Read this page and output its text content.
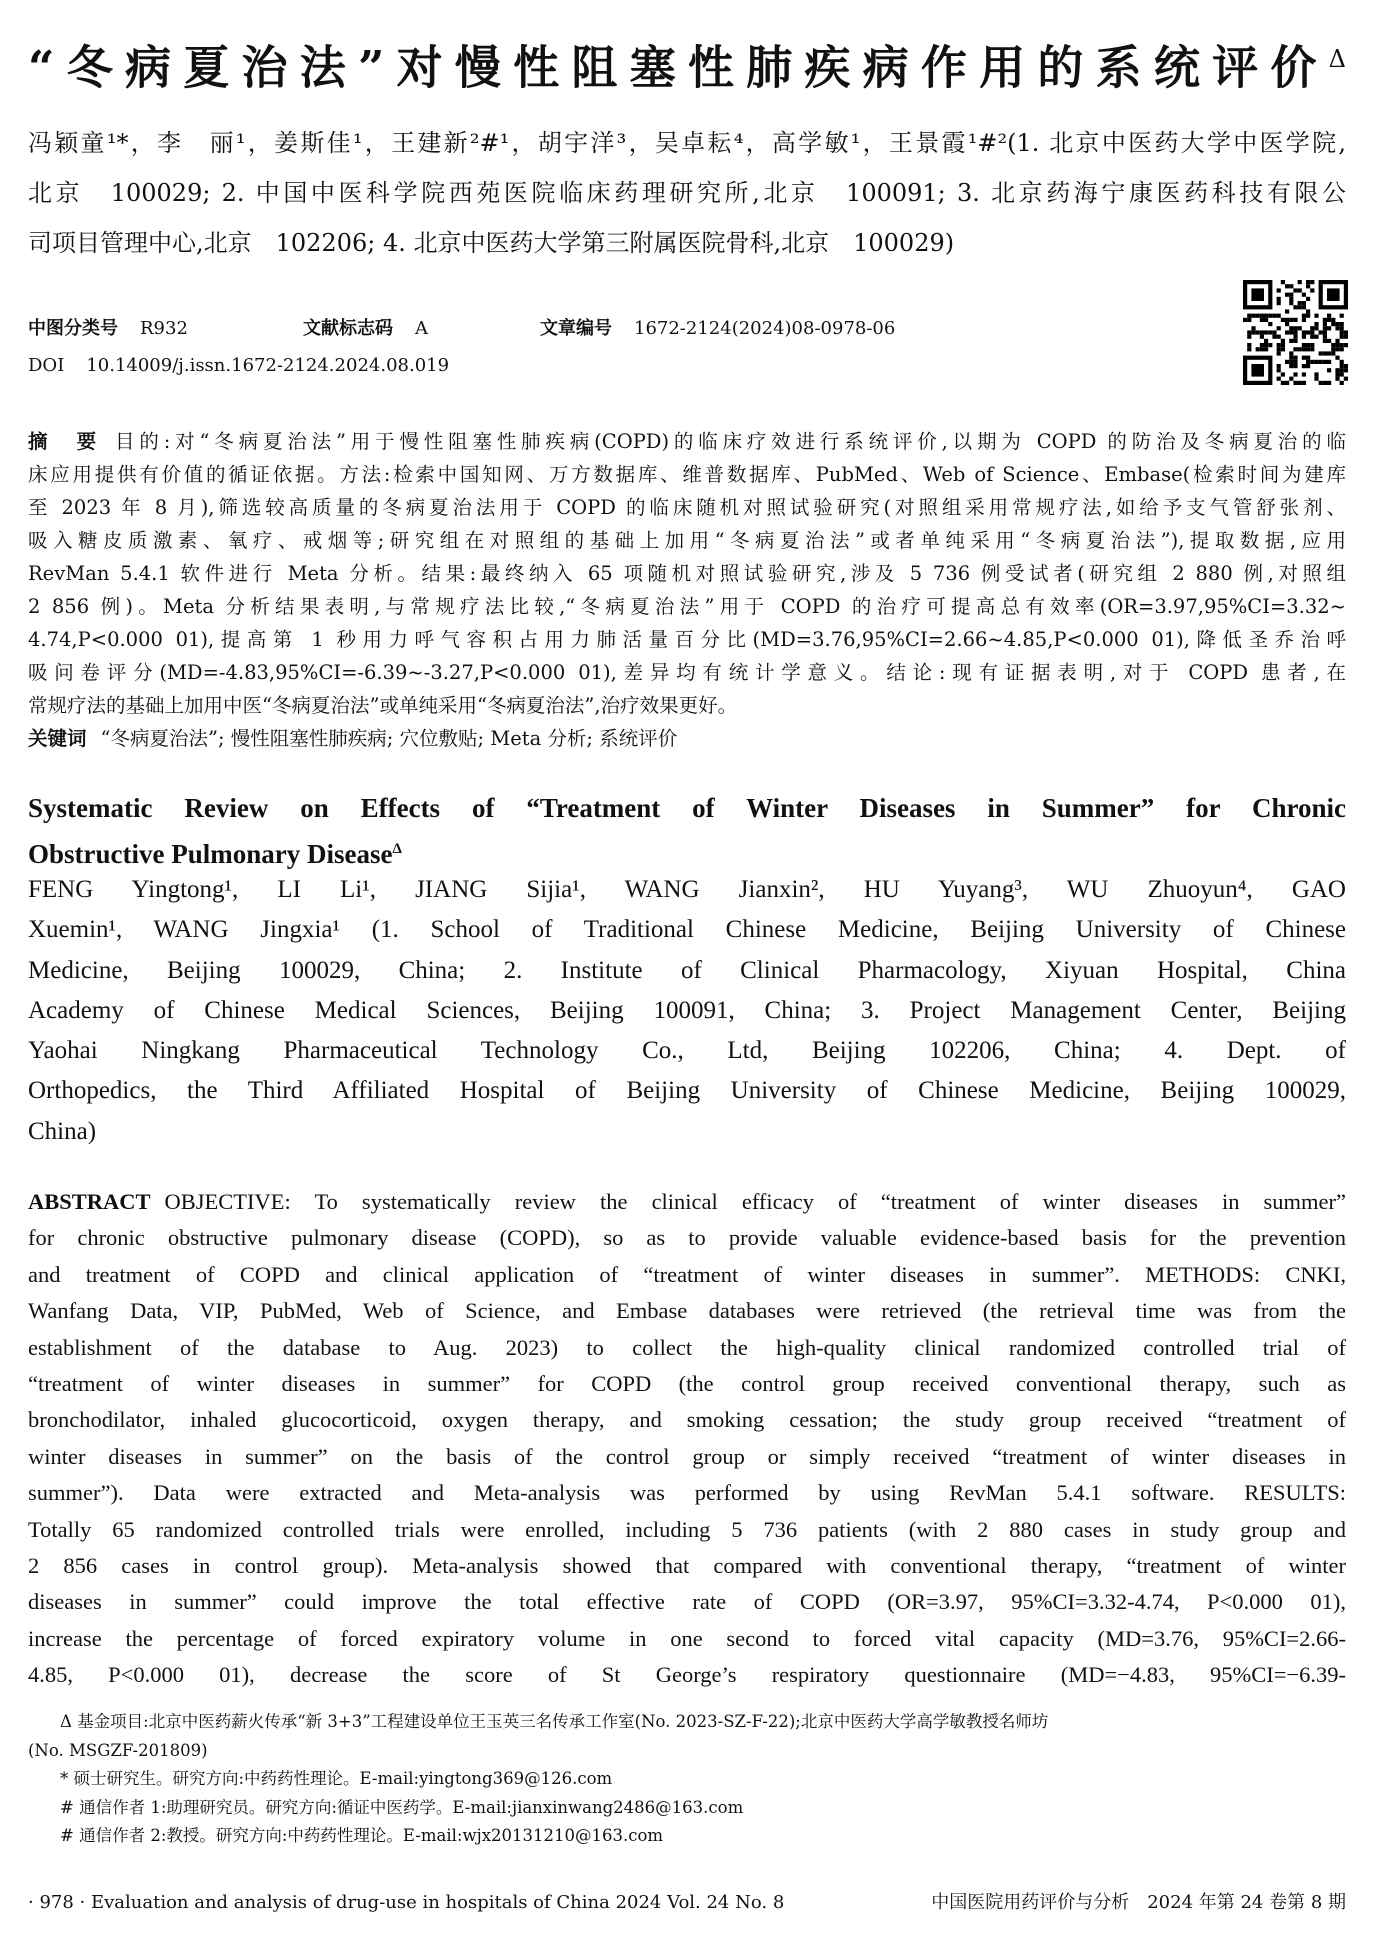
“冬病夏治法”对慢性阻塞性肺疾病作用的系统评价$^\Delta$
冯颖童¹*，李　丽¹，姜斯佳¹，王建新²#¹，胡宇洋³，吴卓耘⁴，高学敏¹，王景霞¹#²(1. 北京中医药大学中医学院,
北京　100029; 2. 中国中医科学院西苑医院临床药理研究所,北京　100091; 3. 北京药海宁康医药科技有限公
司项目管理中心,北京　102206; 4. 北京中医药大学第三附属医院骨科,北京　100029)
中图分类号 R932	文献标志码 A	文章编号 1672-2124(2024)08-0978-06
DOI 10.14009/j.issn.1672-2124.2024.08.019
摘　要 目的:对“冬病夏治法”用于慢性阻塞性肺疾病(COPD)的临床疗效进行系统评价,以期为 COPD 的防治及冬病夏治的临
床应用提供有价值的循证依据。方法:检索中国知网、万方数据库、维普数据库、PubMed、Web of Science、Embase(检索时间为建库
至 2023 年 8 月),筛选较高质量的冬病夏治法用于 COPD 的临床随机对照试验研究(对照组采用常规疗法,如给予支气管舒张剂、
吸入糖皮质激素、氧疗、戒烟等;研究组在对照组的基础上加用“冬病夏治法”或者单纯采用“冬病夏治法”),提取数据,应用
RevMan 5.4.1 软件进行 Meta 分析。结果:最终纳入 65 项随机对照试验研究,涉及 5 736 例受试者(研究组 2 880 例,对照组
2 856 例)。Meta 分析结果表明,与常规疗法比较,“冬病夏治法”用于 COPD 的治疗可提高总有效率(OR=3.97,95%CI=3.32~
4.74,P<0.000 01),提高第 1 秒用力呼气容积占用力肺活量百分比(MD=3.76,95%CI=2.66~4.85,P<0.000 01),降低圣乔治呼
吸问卷评分(MD=-4.83,95%CI=-6.39~-3.27,P<0.000 01),差异均有统计学意义。结论:现有证据表明,对于 COPD 患者,在
常规疗法的基础上加用中医“冬病夏治法”或单纯采用“冬病夏治法”,治疗效果更好。
关键词 “冬病夏治法”; 慢性阻塞性肺疾病; 穴位敷贴; Meta 分析; 系统评价
Systematic Review on Effects of “Treatment of Winter Diseases in Summer” for Chronic
Obstructive Pulmonary Disease$^\Delta$
FENG Yingtong¹, LI Li¹, JIANG Sijia¹, WANG Jianxin², HU Yuyang³, WU Zhuoyun⁴, GAO
Xuemin¹, WANG Jingxia¹ (1. School of Traditional Chinese Medicine, Beijing University of Chinese
Medicine, Beijing 100029, China; 2. Institute of Clinical Pharmacology, Xiyuan Hospital, China
Academy of Chinese Medical Sciences, Beijing 100091, China; 3. Project Management Center, Beijing
Yaohai Ningkang Pharmaceutical Technology Co., Ltd, Beijing 102206, China; 4. Dept. of
Orthopedics, the Third Affiliated Hospital of Beijing University of Chinese Medicine, Beijing 100029,
China)
ABSTRACT OBJECTIVE: To systematically review the clinical efficacy of “treatment of winter diseases in summer”
for chronic obstructive pulmonary disease (COPD), so as to provide valuable evidence-based basis for the prevention
and treatment of COPD and clinical application of “treatment of winter diseases in summer”. METHODS: CNKI,
Wanfang Data, VIP, PubMed, Web of Science, and Embase databases were retrieved (the retrieval time was from the
establishment of the database to Aug. 2023) to collect the high-quality clinical randomized controlled trial of
“treatment of winter diseases in summer” for COPD (the control group received conventional therapy, such as
bronchodilator, inhaled glucocorticoid, oxygen therapy, and smoking cessation; the study group received “treatment of
winter diseases in summer” on the basis of the control group or simply received “treatment of winter diseases in
summer”). Data were extracted and Meta-analysis was performed by using RevMan 5.4.1 software. RESULTS:
Totally 65 randomized controlled trials were enrolled, including 5 736 patients (with 2 880 cases in study group and
2 856 cases in control group). Meta-analysis showed that compared with conventional therapy, “treatment of winter
diseases in summer” could improve the total effective rate of COPD (OR=3.97, 95%CI=3.32-4.74, P<0.000 01),
increase the percentage of forced expiratory volume in one second to forced vital capacity (MD=3.76, 95%CI=2.66-
4.85, P<0.000 01), decrease the score of St George’s respiratory questionnaire (MD=−4.83, 95%CI=−6.39-
Δ 基金项目:北京中医药薪火传承“新 3+3”工程建设单位王玉英三名传承工作室(No. 2023-SZ-F-22);北京中医药大学高学敏教授名师坊
(No. MSGZF-201809)
* 硕士研究生。研究方向:中药药性理论。E-mail:yingtong369@126.com
# 通信作者 1:助理研究员。研究方向:循证中医药学。E-mail:jianxinwang2486@163.com
# 通信作者 2:教授。研究方向:中药药性理论。E-mail:wjx20131210@163.com
· 978 · Evaluation and analysis of drug-use in hospitals of China 2024 Vol. 24 No. 8	中国医院用药评价与分析　2024 年第 24 卷第 8 期
